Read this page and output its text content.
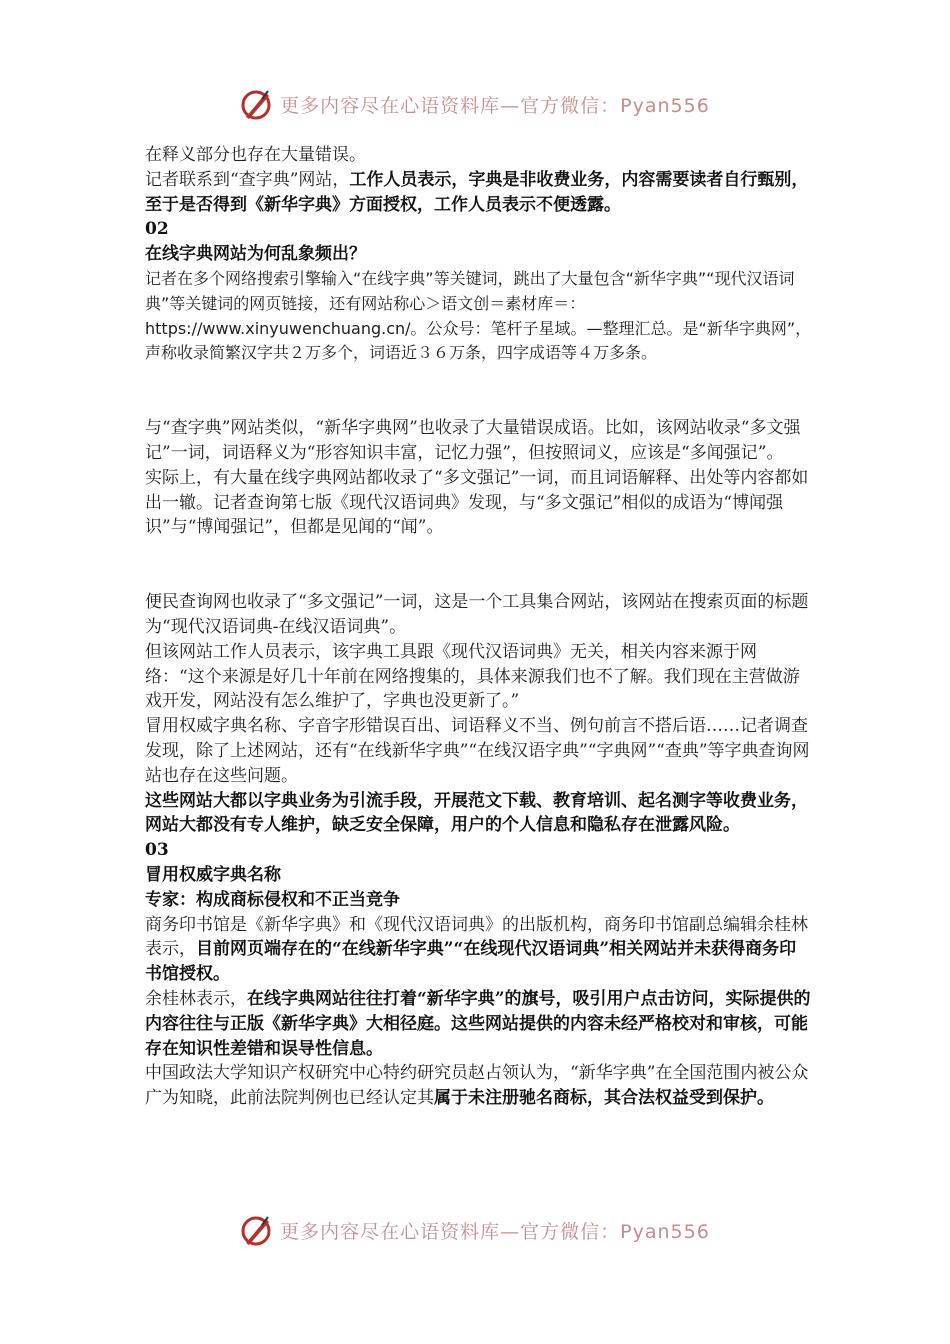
更多内容尽在心语资料库—官方微信：Pyan556

在释义部分也存在大量错误。

记者联系到“查字典”网站，工作人员表示，字典是非收费业务，内容需要读者自行甄别，至于是否得到《新华字典》方面授权，工作人员表示不便透露。

02

在线字典网站为何乱象频出？

记者在多个网络搜索引擎输入“在线字典”等关键词，跳出了大量包含“新华字典”“现代汉语词典”等关键词的网页链接，还有网站称心＞语文创＝素材库＝： https://www.xinyuwenchuang.cn/。公众号：笔杆子星域。—整理汇总。是“新华字典网”，声称收录简繁汉字共２万多个，词语近３６万条，四字成语等４万多条。

与“查字典”网站类似，“新华字典网”也收录了大量错误成语。比如，该网站收录“多文强记”一词，词语释义为“形容知识丰富，记忆力强”，但按照词义，应该是“多闻强记”。

实际上，有大量在线字典网站都收录了“多文强记”一词，而且词语解释、出处等内容都如出一辙。记者查询第七版《现代汉语词典》发现，与“多文强记”相似的成语为“博闻强识”与“博闻强记”，但都是见闻的“闻”。

便民查询网也收录了“多文强记”一词，这是一个工具集合网站，该网站在搜索页面的标题为“现代汉语词典-在线汉语词典”。

但该网站工作人员表示，该字典工具跟《现代汉语词典》无关，相关内容来源于网络：“这个来源是好几十年前在网络搜集的，具体来源我们也不了解。我们现在主营做游戏开发，网站没有怎么维护了，字典也没更新了。”

冒用权威字典名称、字音字形错误百出、词语释义不当、例句前言不搭后语……记者调查发现，除了上述网站，还有“在线新华字典”“在线汉语字典”“字典网”“查典”等字典查询网站也存在这些问题。

这些网站大都以字典业务为引流手段，开展范文下载、教育培训、起名测字等收费业务，网站大都没有专人维护，缺乏安全保障，用户的个人信息和隐私存在泄露风险。

03

冒用权威字典名称

专家：构成商标侵权和不正当竞争

商务印书馆是《新华字典》和《现代汉语词典》的出版机构，商务印书馆副总编辑余桂林表示，目前网页端存在的“在线新华字典”“在线现代汉语词典”相关网站并未获得商务印书馆授权。

余桂林表示，在线字典网站往往打着“新华字典”的旗号，吸引用户点击访问，实际提供的内容往往与正版《新华字典》大相径庭。这些网站提供的内容未经严格校对和审核，可能存在知识性差错和误导性信息。

中国政法大学知识产权研究中心特约研究员赵占领认为，“新华字典”在全国范围内被公众广为知晓，此前法院判例也已经认定其属于未注册驰名商标，其合法权益受到保护。

更多内容尽在心语资料库—官方微信：Pyan556
